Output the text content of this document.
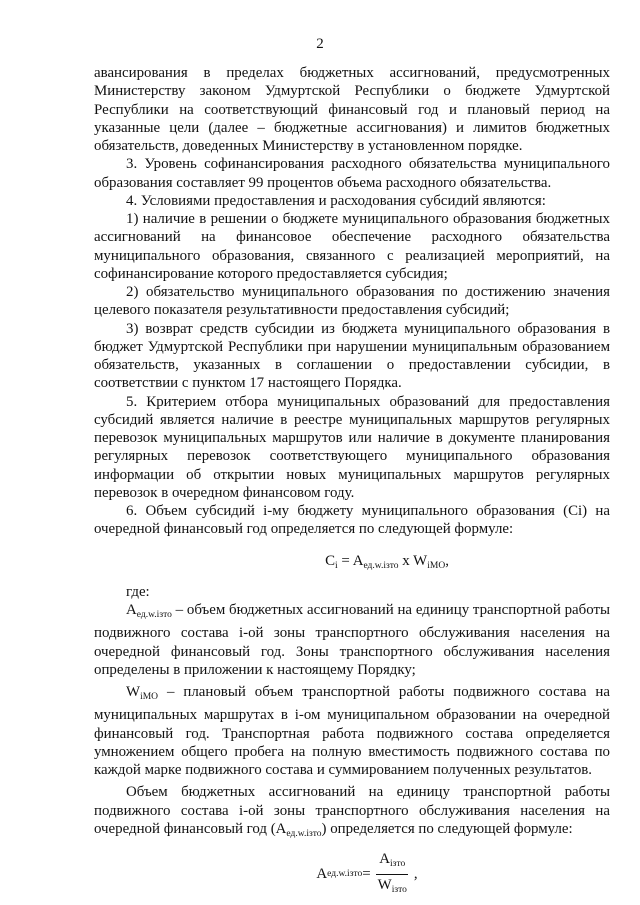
2

авансирования в пределах бюджетных ассигнований, предусмотренных Министерству законом Удмуртской Республики о бюджете Удмуртской Республики на соответствующий финансовый год и плановый период на указанные цели (далее – бюджетные ассигнования) и лимитов бюджетных обязательств, доведенных Министерству в установленном порядке.

3. Уровень софинансирования расходного обязательства муниципального образования составляет 99 процентов объема расходного обязательства.

4. Условиями предоставления и расходования субсидий являются:

1) наличие в решении о бюджете муниципального образования бюджетных ассигнований на финансовое обеспечение расходного обязательства муниципального образования, связанного с реализацией мероприятий, на софинансирование которого предоставляется субсидия;

2) обязательство муниципального образования по достижению значения целевого показателя результативности предоставления субсидий;

3) возврат средств субсидии из бюджета муниципального образования в бюджет Удмуртской Республики при нарушении муниципальным образованием обязательств, указанных в соглашении о предоставлении субсидии, в соответствии с пунктом 17 настоящего Порядка.

5. Критерием отбора муниципальных образований для предоставления субсидий является наличие в реестре муниципальных маршрутов регулярных перевозок муниципальных маршрутов или наличие в документе планирования регулярных перевозок соответствующего муниципального образования информации об открытии новых муниципальных маршрутов регулярных перевозок в очередном финансовом году.

6. Объем субсидий i-му бюджету муниципального образования (Ci) на очередной финансовый год определяется по следующей формуле:

$C_i = A_{ед.w.iзто}$ x $W_{iMO}$,

где:

$A_{ед.w.iзто}$ – объем бюджетных ассигнований на единицу транспортной работы подвижного состава i-ой зоны транспортного обслуживания населения на очередной финансовый год. Зоны транспортного обслуживания населения определены в приложении к настоящему Порядку;

$W_{iMO}$ – плановый объем транспортной работы подвижного состава на муниципальных маршрутах в i-ом муниципальном образовании на очередной финансовый год. Транспортная работа подвижного состава определяется умножением общего пробега на полную вместимость подвижного состава по каждой марке подвижного состава и суммированием полученных результатов.

Объем бюджетных ассигнований на единицу транспортной работы подвижного состава i-ой зоны транспортного обслуживания населения на очередной финансовый год $(A_{ед.w.iзто})$ определяется по следующей формуле:

A ед.w.iзто = $\frac{A_{iзто}}{W_{iзто}}$ ,
